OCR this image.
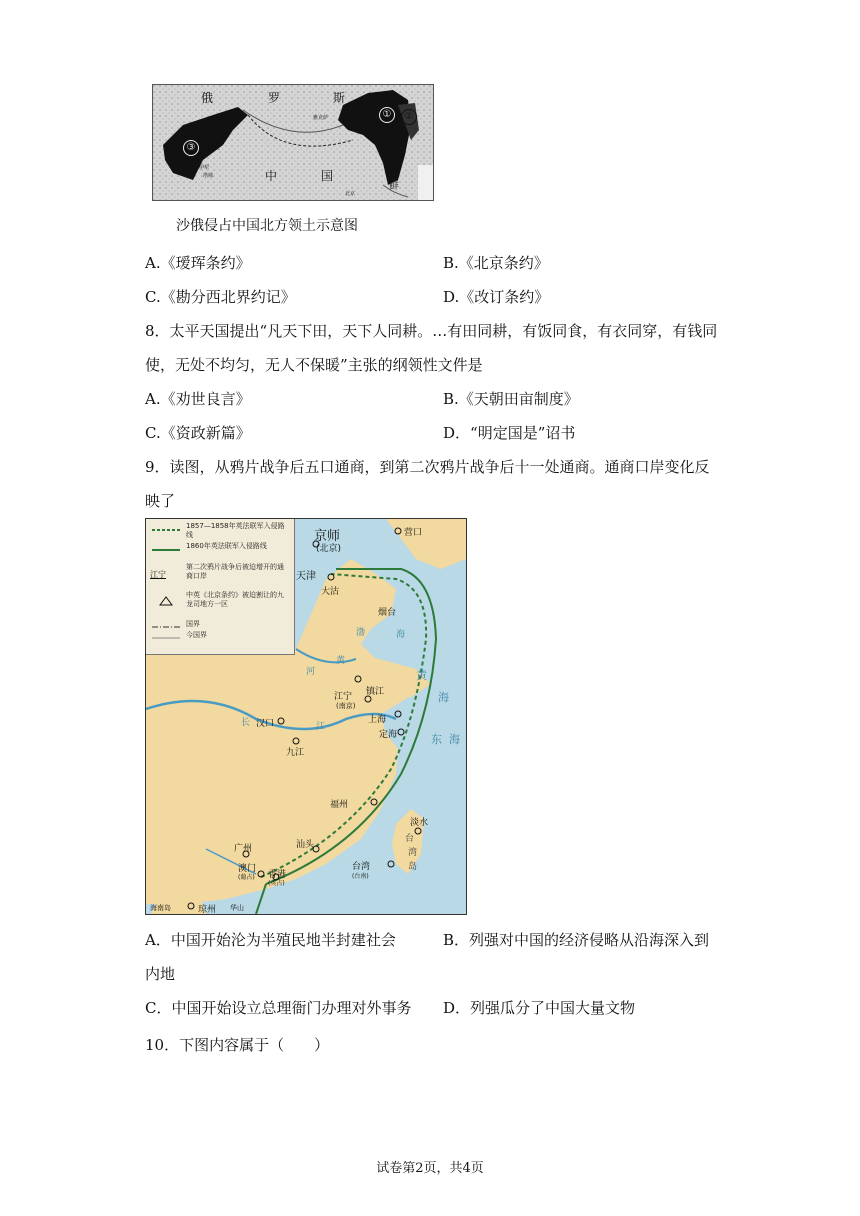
俄	罗	斯
中	国	朝
鲜
①	②
③	尼布楚
雅克萨
伊犁
塔城
北京
沙俄侵占中国北方领土示意图
A.《瑷珲条约》	B.《北京条约》
C.《勘分西北界约记》	D.《改订条约》
8．太平天国提出“凡天下田，天下人同耕。…有田同耕，有饭同食，有衣同穿，有钱同
使，无处不均匀，无人不保暖”主张的纲领性文件是
A.《劝世良言》	B.《天朝田亩制度》
C.《资政新篇》	D．“明定国是”诏书
9．读图，从鸦片战争后五口通商，到第二次鸦片战争后十一处通商。通商口岸变化反
映了
1857—1858年英法联军入侵路线
1860年英法联军入侵路线
江宁
第二次鸦片战争后被迫增开的通商口岸
中英《北京条约》被迫割让的九龙司地方一区
国界
今国界
京师
(北京)
营口
天津
大沽
烟台
江宁
(南京)
镇江
上海
汉口
九江
定海
福州
淡水
汕头
广州
澳门
(葡占) 香港
(英占)
台湾
(台南)
琼州
海南岛	华山
渤	海
黄
海
东 海
台
湾
岛
长	江
黄
河
A．中国开始沦为半殖民地半封建社会	B．列强对中国的经济侵略从沿海深入到
内地
C．中国开始设立总理衙门办理对外事务 D．列强瓜分了中国大量文物
10．下图内容属于（　　）
试卷第2页，共4页
